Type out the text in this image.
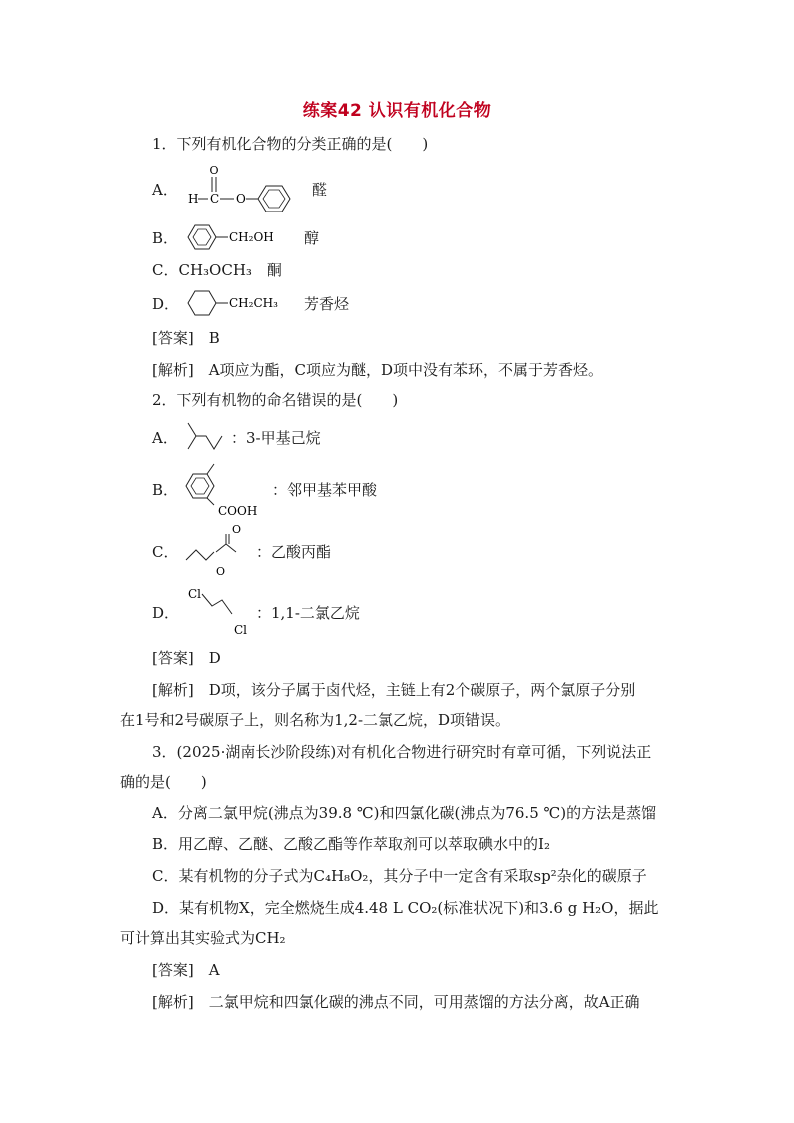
练案42 认识有机化合物
1．下列有机化合物的分类正确的是(　　)
A．
O
H C O	醛
B．	CH₂OH 醇
C．CH₃OCH₃　酮
D．	CH₂CH₃ 芳香烃
[答案]　B
[解析]　A项应为酯，C项应为醚，D项中没有苯环，不属于芳香烃。
2．下列有机物的命名错误的是(　　)
A．	：3-甲基己烷
B．
COOH
：邻甲基苯甲酸
C．
O
O
：乙酸丙酯
D．
Cl
Cl
：1,1-二氯乙烷
[答案]　D
[解析]　D项，该分子属于卤代烃，主链上有2个碳原子，两个氯原子分别
在1号和2号碳原子上，则名称为1,2-二氯乙烷，D项错误。
3．(2025·湖南长沙阶段练)对有机化合物进行研究时有章可循，下列说法正
确的是(　　)
A．分离二氯甲烷(沸点为39.8 ℃)和四氯化碳(沸点为76.5 ℃)的方法是蒸馏
B．用乙醇、乙醚、乙酸乙酯等作萃取剂可以萃取碘水中的I₂
C．某有机物的分子式为C₄H₈O₂，其分子中一定含有采取sp²杂化的碳原子
D．某有机物X，完全燃烧生成4.48 L CO₂(标准状况下)和3.6 g H₂O，据此
可计算出其实验式为CH₂
[答案]　A
[解析]　二氯甲烷和四氯化碳的沸点不同，可用蒸馏的方法分离，故A正确
